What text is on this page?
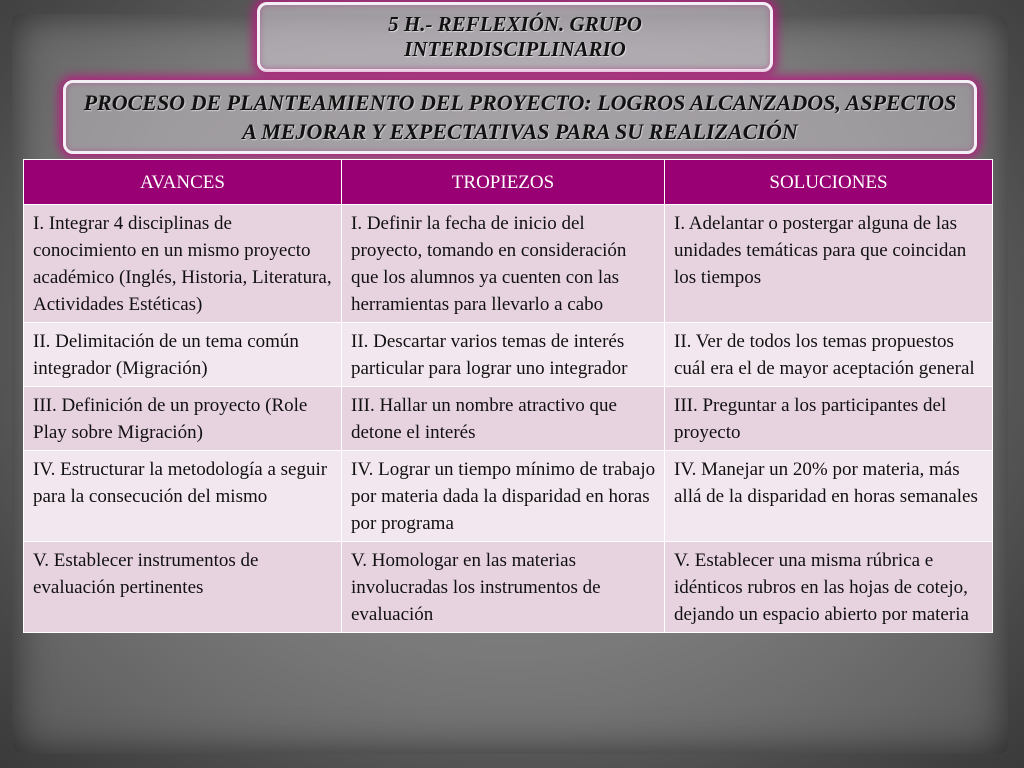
5 H.- REFLEXIÓN. GRUPO INTERDISCIPLINARIO
PROCESO DE PLANTEAMIENTO DEL PROYECTO: LOGROS ALCANZADOS, ASPECTOS A MEJORAR Y EXPECTATIVAS PARA SU REALIZACIÓN
AVANCES	TROPIEZOS	SOLUCIONES
I. Integrar 4 disciplinas de conocimiento en un mismo proyecto académico (Inglés, Historia, Literatura, Actividades Estéticas)	I. Definir la fecha de inicio del proyecto, tomando en consideración que los alumnos ya cuenten con las herramientas para llevarlo a cabo	I. Adelantar o postergar alguna de las unidades temáticas para que coincidan los tiempos
II. Delimitación de un tema común integrador (Migración)	II. Descartar varios temas de interés particular para lograr uno integrador	II. Ver de todos los temas propuestos cuál era el de mayor aceptación general
III. Definición de un proyecto (Role Play sobre Migración)	III. Hallar un nombre atractivo que detone el interés	III. Preguntar a los participantes del proyecto
IV. Estructurar la metodología a seguir para la consecución del mismo	IV. Lograr un tiempo mínimo de trabajo por materia dada la disparidad en horas por programa	IV. Manejar un 20% por materia, más allá de la disparidad en horas semanales
V. Establecer instrumentos de evaluación pertinentes	V. Homologar en las materias involucradas los instrumentos de evaluación	V. Establecer una misma rúbrica e idénticos rubros en las hojas de cotejo, dejando un espacio abierto por materia
